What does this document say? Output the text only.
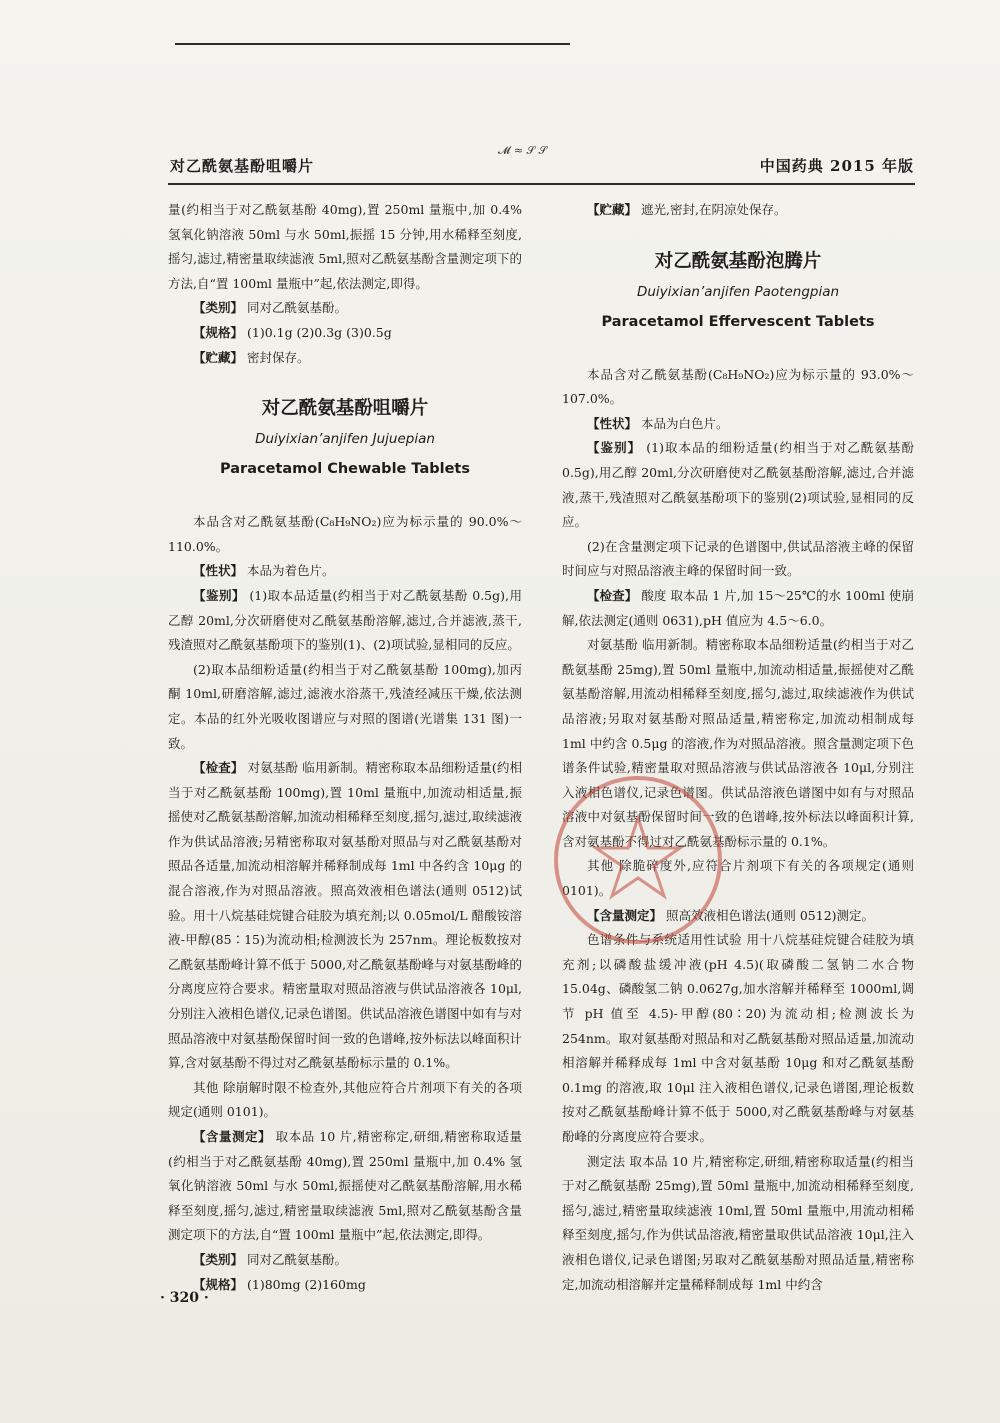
对乙酰氨基酚咀嚼片
𝓜 ≈ 𝒮 𝒮
中国药典 2015 年版

量(约相当于对乙酰氨基酚 40mg),置 250ml 量瓶中,加 0.4% 氢氧化钠溶液 50ml 与水 50ml,振摇 15 分钟,用水稀释至刻度,摇匀,滤过,精密量取续滤液 5ml,照对乙酰氨基酚含量测定项下的方法,自“置 100ml 量瓶中”起,依法测定,即得。

【类别】 同对乙酰氨基酚。

【规格】 (1)0.1g (2)0.3g (3)0.5g

【贮藏】 密封保存。

对乙酰氨基酚咀嚼片

Duiyixian’anjifen Jujuepian

Paracetamol Chewable Tablets

本品含对乙酰氨基酚(C₈H₉NO₂)应为标示量的 90.0%～110.0%。

【性状】 本品为着色片。

【鉴别】 (1)取本品适量(约相当于对乙酰氨基酚 0.5g),用乙醇 20ml,分次研磨使对乙酰氨基酚溶解,滤过,合并滤液,蒸干,残渣照对乙酰氨基酚项下的鉴别(1)、(2)项试验,显相同的反应。

(2)取本品细粉适量(约相当于对乙酰氨基酚 100mg),加丙酮 10ml,研磨溶解,滤过,滤液水浴蒸干,残渣经减压干燥,依法测定。本品的红外光吸收图谱应与对照的图谱(光谱集 131 图)一致。

【检查】 对氨基酚 临用新制。精密称取本品细粉适量(约相当于对乙酰氨基酚 100mg),置 10ml 量瓶中,加流动相适量,振摇使对乙酰氨基酚溶解,加流动相稀释至刻度,摇匀,滤过,取续滤液作为供试品溶液;另精密称取对氨基酚对照品与对乙酰氨基酚对照品各适量,加流动相溶解并稀释制成每 1ml 中各约含 10μg 的混合溶液,作为对照品溶液。照高效液相色谱法(通则 0512)试验。用十八烷基硅烷键合硅胶为填充剂;以 0.05mol/L 醋酸铵溶液-甲醇(85∶15)为流动相;检测波长为 257nm。理论板数按对乙酰氨基酚峰计算不低于 5000,对乙酰氨基酚峰与对氨基酚峰的分离度应符合要求。精密量取对照品溶液与供试品溶液各 10μl,分别注入液相色谱仪,记录色谱图。供试品溶液色谱图中如有与对照品溶液中对氨基酚保留时间一致的色谱峰,按外标法以峰面积计算,含对氨基酚不得过对乙酰氨基酚标示量的 0.1%。

其他 除崩解时限不检查外,其他应符合片剂项下有关的各项规定(通则 0101)。

【含量测定】 取本品 10 片,精密称定,研细,精密称取适量(约相当于对乙酰氨基酚 40mg),置 250ml 量瓶中,加 0.4% 氢氧化钠溶液 50ml 与水 50ml,振摇使对乙酰氨基酚溶解,用水稀释至刻度,摇匀,滤过,精密量取续滤液 5ml,照对乙酰氨基酚含量测定项下的方法,自“置 100ml 量瓶中”起,依法测定,即得。

【类别】 同对乙酰氨基酚。

【规格】 (1)80mg (2)160mg

【贮藏】 遮光,密封,在阴凉处保存。

对乙酰氨基酚泡腾片

Duiyixian’anjifen Paotengpian

Paracetamol Effervescent Tablets

本品含对乙酰氨基酚(C₈H₉NO₂)应为标示量的 93.0%～107.0%。

【性状】 本品为白色片。

【鉴别】 (1)取本品的细粉适量(约相当于对乙酰氨基酚 0.5g),用乙醇 20ml,分次研磨使对乙酰氨基酚溶解,滤过,合并滤液,蒸干,残渣照对乙酰氨基酚项下的鉴别(2)项试验,显相同的反应。

(2)在含量测定项下记录的色谱图中,供试品溶液主峰的保留时间应与对照品溶液主峰的保留时间一致。

【检查】 酸度 取本品 1 片,加 15～25℃的水 100ml 使崩解,依法测定(通则 0631),pH 值应为 4.5～6.0。

对氨基酚 临用新制。精密称取本品细粉适量(约相当于对乙酰氨基酚 25mg),置 50ml 量瓶中,加流动相适量,振摇使对乙酰氨基酚溶解,用流动相稀释至刻度,摇匀,滤过,取续滤液作为供试品溶液;另取对氨基酚对照品适量,精密称定,加流动相制成每 1ml 中约含 0.5μg 的溶液,作为对照品溶液。照含量测定项下色谱条件试验,精密量取对照品溶液与供试品溶液各 10μl,分别注入液相色谱仪,记录色谱图。供试品溶液色谱图中如有与对照品溶液中对氨基酚保留时间一致的色谱峰,按外标法以峰面积计算,含对氨基酚不得过对乙酰氨基酚标示量的 0.1%。

其他 除脆碎度外,应符合片剂项下有关的各项规定(通则 0101)。

【含量测定】 照高效液相色谱法(通则 0512)测定。

色谱条件与系统适用性试验 用十八烷基硅烷键合硅胶为填充剂;以磷酸盐缓冲液(pH 4.5)(取磷酸二氢钠二水合物 15.04g、磷酸氢二钠 0.0627g,加水溶解并稀释至 1000ml,调节 pH 值至 4.5)-甲醇(80∶20)为流动相;检测波长为 254nm。取对氨基酚对照品和对乙酰氨基酚对照品适量,加流动相溶解并稀释成每 1ml 中含对氨基酚 10μg 和对乙酰氨基酚 0.1mg 的溶液,取 10μl 注入液相色谱仪,记录色谱图,理论板数按对乙酰氨基酚峰计算不低于 5000,对乙酰氨基酚峰与对氨基酚峰的分离度应符合要求。

测定法 取本品 10 片,精密称定,研细,精密称取适量(约相当于对乙酰氨基酚 25mg),置 50ml 量瓶中,加流动相稀释至刻度,摇匀,滤过,精密量取续滤液 10ml,置 50ml 量瓶中,用流动相稀释至刻度,摇匀,作为供试品溶液,精密量取供试品溶液 10μl,注入液相色谱仪,记录色谱图;另取对乙酰氨基酚对照品适量,精密称定,加流动相溶解并定量稀释制成每 1ml 中约含

· 320 ·
